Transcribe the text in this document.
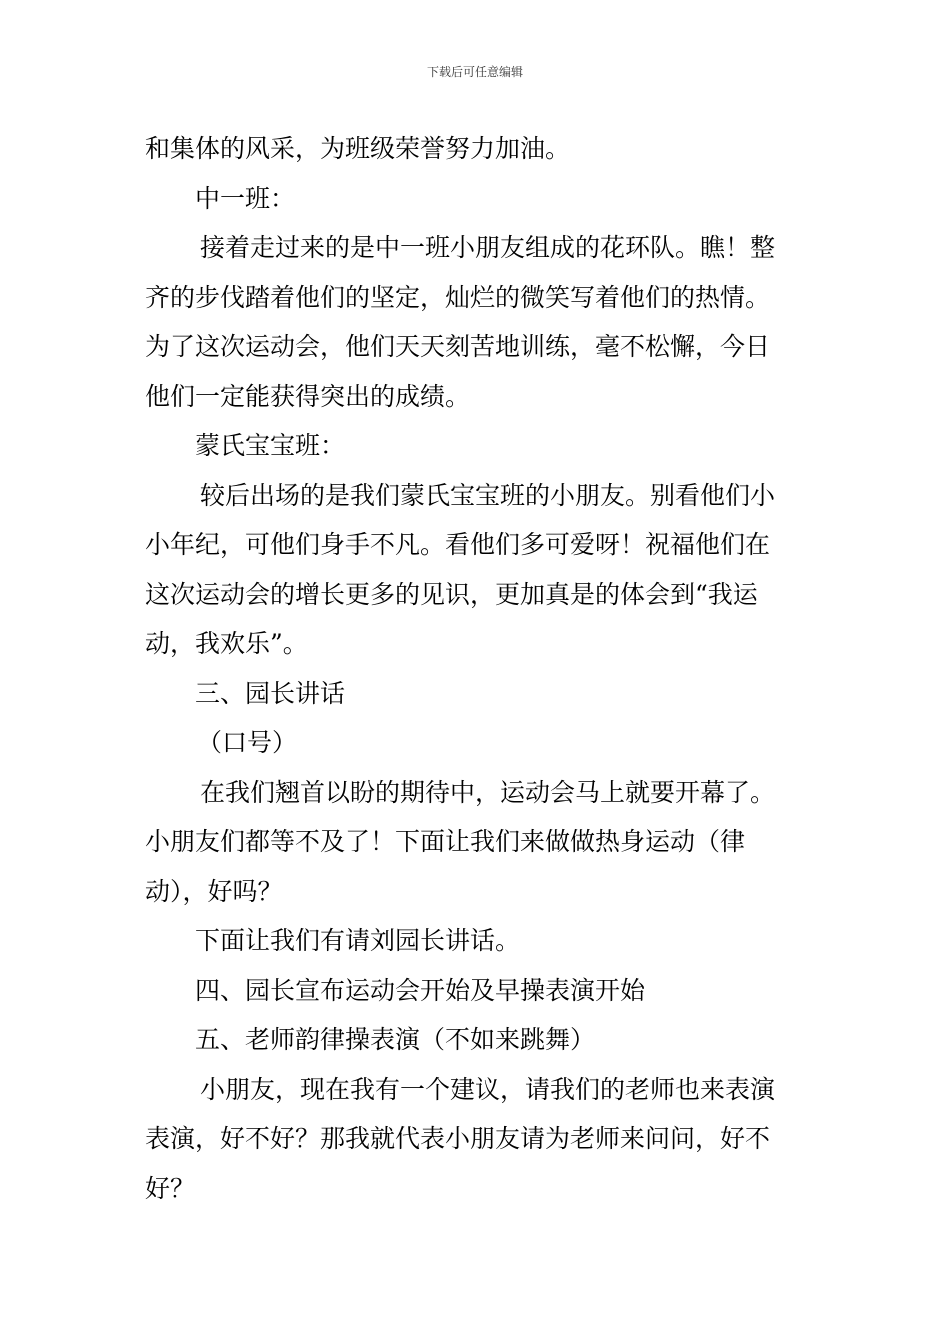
下载后可任意编辑
和集体的风采，为班级荣誉努力加油。
中一班：
接着走过来的是中一班小朋友组成的花环队。瞧！整
齐的步伐踏着他们的坚定，灿烂的微笑写着他们的热情。
为了这次运动会，他们天天刻苦地训练，毫不松懈，今日
他们一定能获得突出的成绩。
蒙氏宝宝班：
较后出场的是我们蒙氏宝宝班的小朋友。别看他们小
小年纪，可他们身手不凡。看他们多可爱呀！祝福他们在
这次运动会的增长更多的见识，更加真是的体会到“我运
动，我欢乐”。
三、园长讲话
（口号）
在我们翘首以盼的期待中，运动会马上就要开幕了。
小朋友们都等不及了！下面让我们来做做热身运动（律
动），好吗？
下面让我们有请刘园长讲话。
四、园长宣布运动会开始及早操表演开始
五、老师韵律操表演（不如来跳舞）
小朋友，现在我有一个建议，请我们的老师也来表演
表演，好不好？那我就代表小朋友请为老师来问问，好不
好？
